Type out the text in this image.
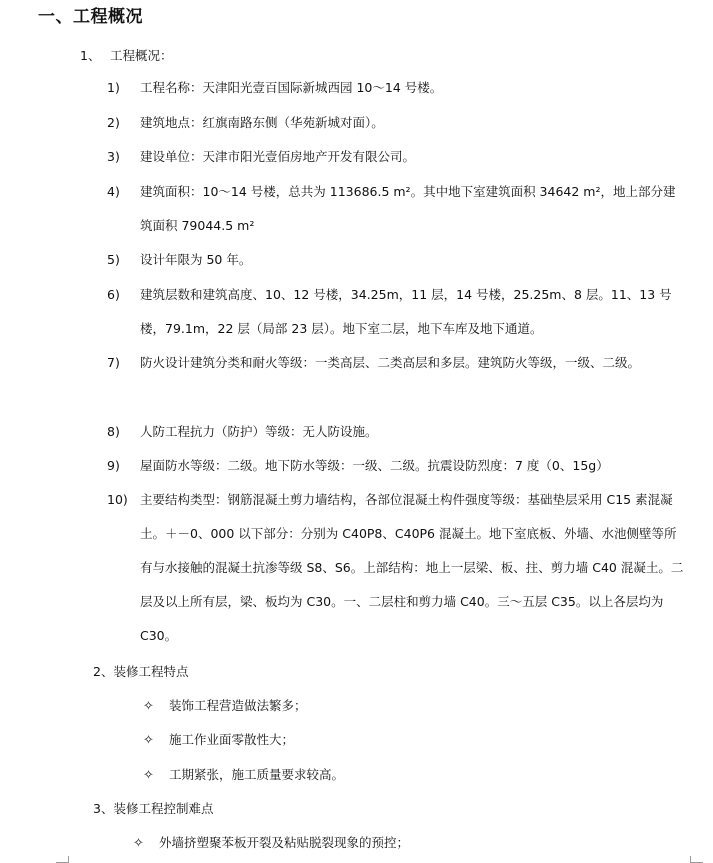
一、工程概况
1、 工程概况：
1) 工程名称：天津阳光壹百国际新城西园 10～14 号楼。

2) 建筑地点：红旗南路东侧（华苑新城对面）。

3) 建设单位：天津市阳光壹佰房地产开发有限公司。

4) 建筑面积：10～14 号楼，总共为 113686.5 m²。其中地下室建筑面积 34642 m²，地上部分建筑面积 79044.5 m²

5) 设计年限为 50 年。

6) 建筑层数和建筑高度、10、12 号楼，34.25m，11 层，14 号楼，25.25m、8 层。11、13 号楼，79.1m，22 层（局部 23 层）。地下室二层，地下车库及地下通道。

7) 防火设计建筑分类和耐火等级：一类高层、二类高层和多层。建筑防火等级，一级、二级。

8) 人防工程抗力（防护）等级：无人防设施。

9) 屋面防水等级：二级。地下防水等级：一级、二级。抗震设防烈度：7 度（0、15g）

10) 主要结构类型：钢筋混凝土剪力墙结构，各部位混凝土构件强度等级：基础垫层采用 C15 素混凝土。＋－0、000 以下部分：分别为 C40P8、C40P6 混凝土。地下室底板、外墙、水池侧壁等所有与水接触的混凝土抗渗等级 S8、S6。上部结构：地上一层梁、板、拄、剪力墙 C40 混凝土。二层及以上所有层，梁、板均为 C30。一、二层柱和剪力墙 C40。三～五层 C35。以上各层均为 C30。

2、装修工程特点
✧ 装饰工程营造做法繁多；
✧ 施工作业面零散性大；
✧ 工期紧张，施工质量要求较高。
3、装修工程控制难点
✧ 外墙挤塑聚苯板开裂及粘贴脱裂现象的预控；
